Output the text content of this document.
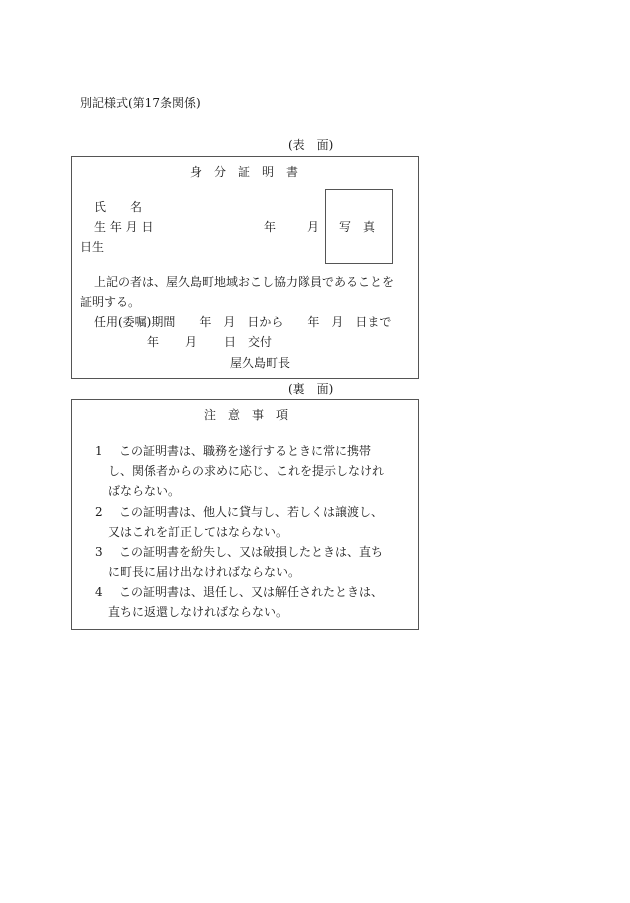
別記様式(第17条関係)
(表　面)
身　分　証　明　書
氏　　名
生 年 月 日	年	月
日生
写　真
上記の者は、屋久島町地域おこし協力隊員であることを
証明する。
任用(委嘱)期間　　年　月　日から　　年　月　日まで
年 月 日　交付
屋久島町長
(裏　面)
注　意　事　項
1 この証明書は、職務を遂行するときに常に携帯
し、関係者からの求めに応じ、これを提示しなけれ
ばならない。
2 この証明書は、他人に貸与し、若しくは譲渡し、
又はこれを訂正してはならない。
3 この証明書を紛失し、又は破損したときは、直ち
に町長に届け出なければならない。
4 この証明書は、退任し、又は解任されたときは、
直ちに返還しなければならない。
